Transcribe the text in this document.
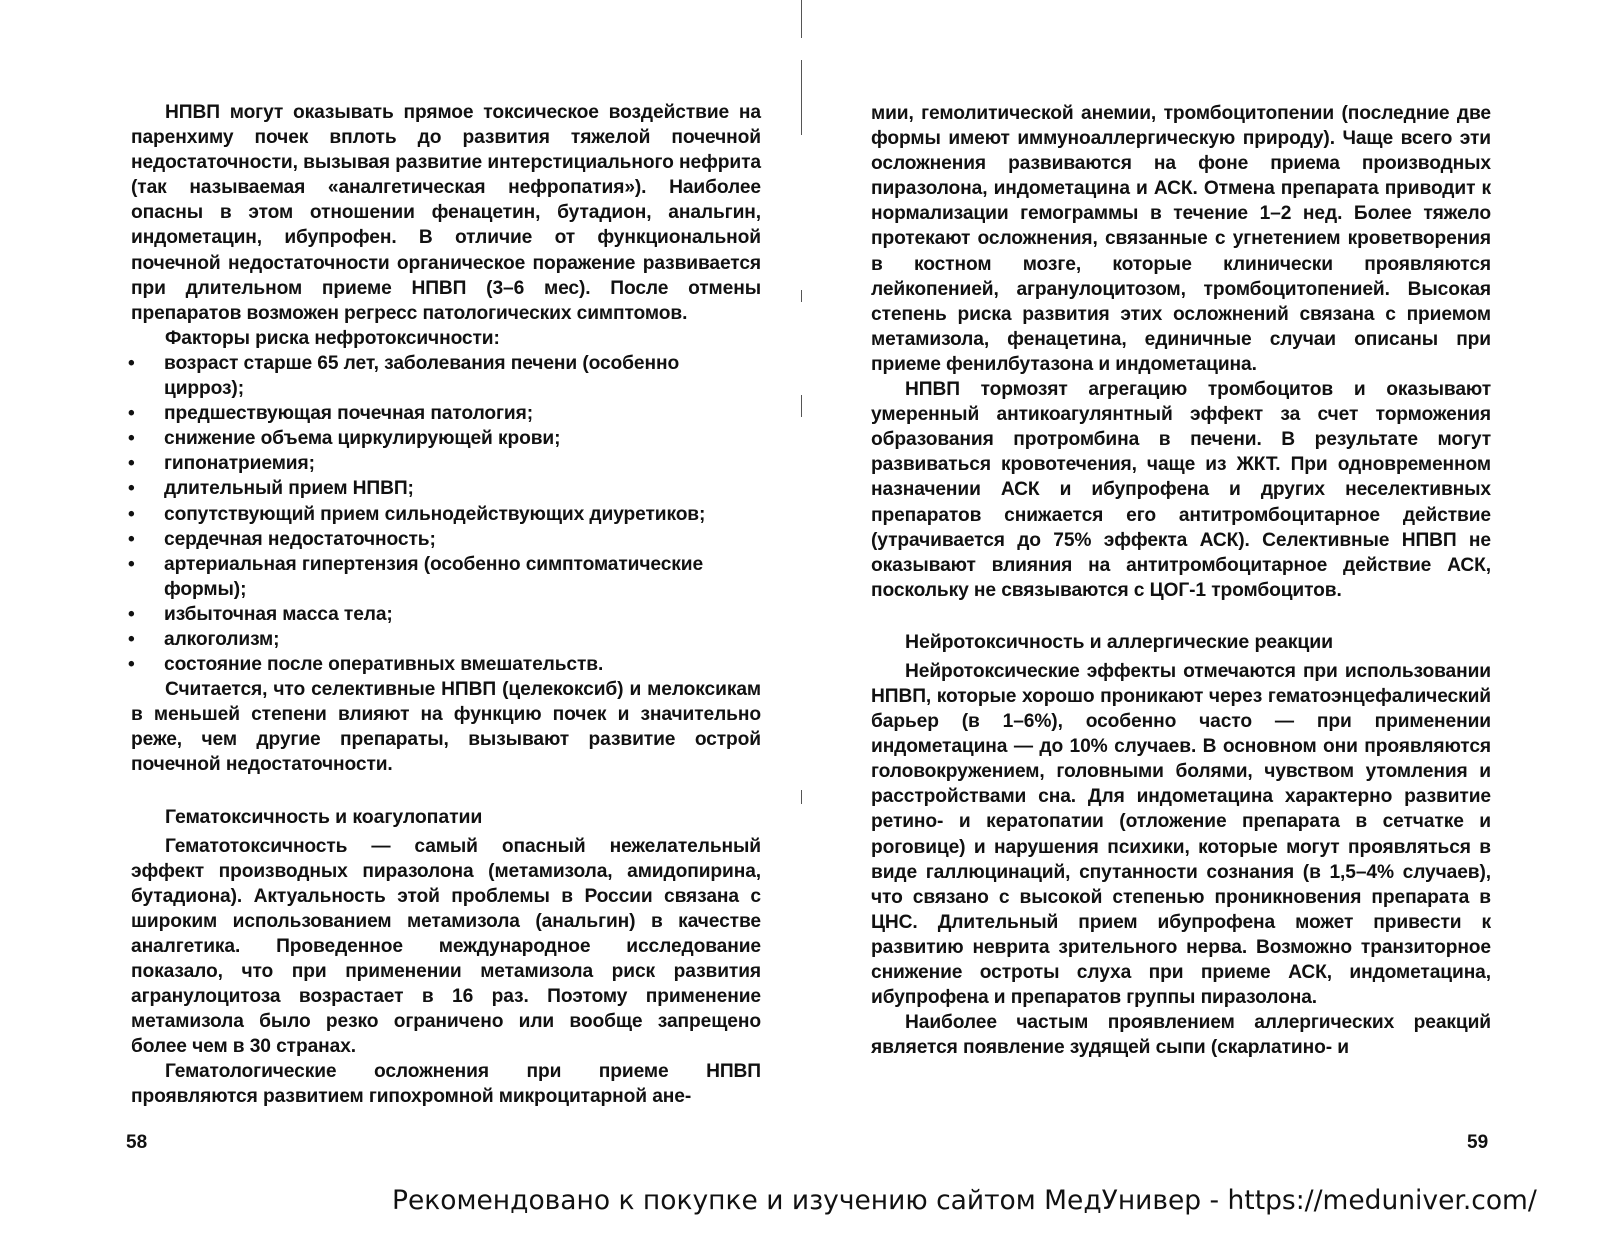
НПВП могут оказывать прямое токсическое воздействие на паренхиму почек вплоть до развития тяжелой почечной недостаточности, вызывая развитие интерстициального нефрита (так называемая «аналгетическая нефропатия»). Наиболее опасны в этом отношении фенацетин, бутадион, анальгин, индометацин, ибупрофен. В отличие от функциональной почечной недостаточности органическое поражение развивается при длительном приеме НПВП (3–6 мес). После отмены препаратов возможен регресс патологических симптомов.

Факторы риска нефротоксичности:

• возраст старше 65 лет, заболевания печени (особенно цирроз);
• предшествующая почечная патология;
• снижение объема циркулирующей крови;
• гипонатриемия;
• длительный прием НПВП;
• сопутствующий прием сильнодействующих диуретиков;
• сердечная недостаточность;
• артериальная гипертензия (особенно симптоматические формы);
• избыточная масса тела;
• алкоголизм;
• состояние после оперативных вмешательств.

Считается, что селективные НПВП (целекоксиб) и мелоксикам в меньшей степени влияют на функцию почек и значительно реже, чем другие препараты, вызывают развитие острой почечной недостаточности.

Гематоксичность и коагулопатии

Гематотоксичность — самый опасный нежелательный эффект производных пиразолона (метамизола, амидопирина, бутадиона). Актуальность этой проблемы в России связана с широким использованием метамизола (анальгин) в качестве аналгетика. Проведенное международное исследование показало, что при применении метамизола риск развития агранулоцитоза возрастает в 16 раз. Поэтому применение метамизола было резко ограничено или вообще запрещено более чем в 30 странах.

Гематологические осложнения при приеме НПВП проявляются развитием гипохромной микроцитарной ане-

58

мии, гемолитической анемии, тромбоцитопении (последние две формы имеют иммуноаллергическую природу). Чаще всего эти осложнения развиваются на фоне приема производных пиразолона, индометацина и АСК. Отмена препарата приводит к нормализации гемограммы в течение 1–2 нед. Более тяжело протекают осложнения, связанные с угнетением кроветворения в костном мозге, которые клинически проявляются лейкопенией, агранулоцитозом, тромбоцитопенией. Высокая степень риска развития этих осложнений связана с приемом метамизола, фенацетина, единичные случаи описаны при приеме фенилбутазона и индометацина.

НПВП тормозят агрегацию тромбоцитов и оказывают умеренный антикоагулянтный эффект за счет торможения образования протромбина в печени. В результате могут развиваться кровотечения, чаще из ЖКТ. При одновременном назначении АСК и ибупрофена и других неселективных препаратов снижается его антитромбоцитарное действие (утрачивается до 75% эффекта АСК). Селективные НПВП не оказывают влияния на антитромбоцитарное действие АСК, поскольку не связываются с ЦОГ-1 тромбоцитов.

Нейротоксичность и аллергические реакции

Нейротоксические эффекты отмечаются при использовании НПВП, которые хорошо проникают через гематоэнцефалический барьер (в 1–6%), особенно часто — при применении индометацина — до 10% случаев. В основном они проявляются головокружением, головными болями, чувством утомления и расстройствами сна. Для индометацина характерно развитие ретино- и кератопатии (отложение препарата в сетчатке и роговице) и нарушения психики, которые могут проявляться в виде галлюцинаций, спутанности сознания (в 1,5–4% случаев), что связано с высокой степенью проникновения препарата в ЦНС. Длительный прием ибупрофена может привести к развитию неврита зрительного нерва. Возможно транзиторное снижение остроты слуха при приеме АСК, индометацина, ибупрофена и препаратов группы пиразолона.

Наиболее частым проявлением аллергических реакций является появление зудящей сыпи (скарлатино- и

59
Рекомендовано к покупке и изучению сайтом МедУнивер - https://meduniver.com/
